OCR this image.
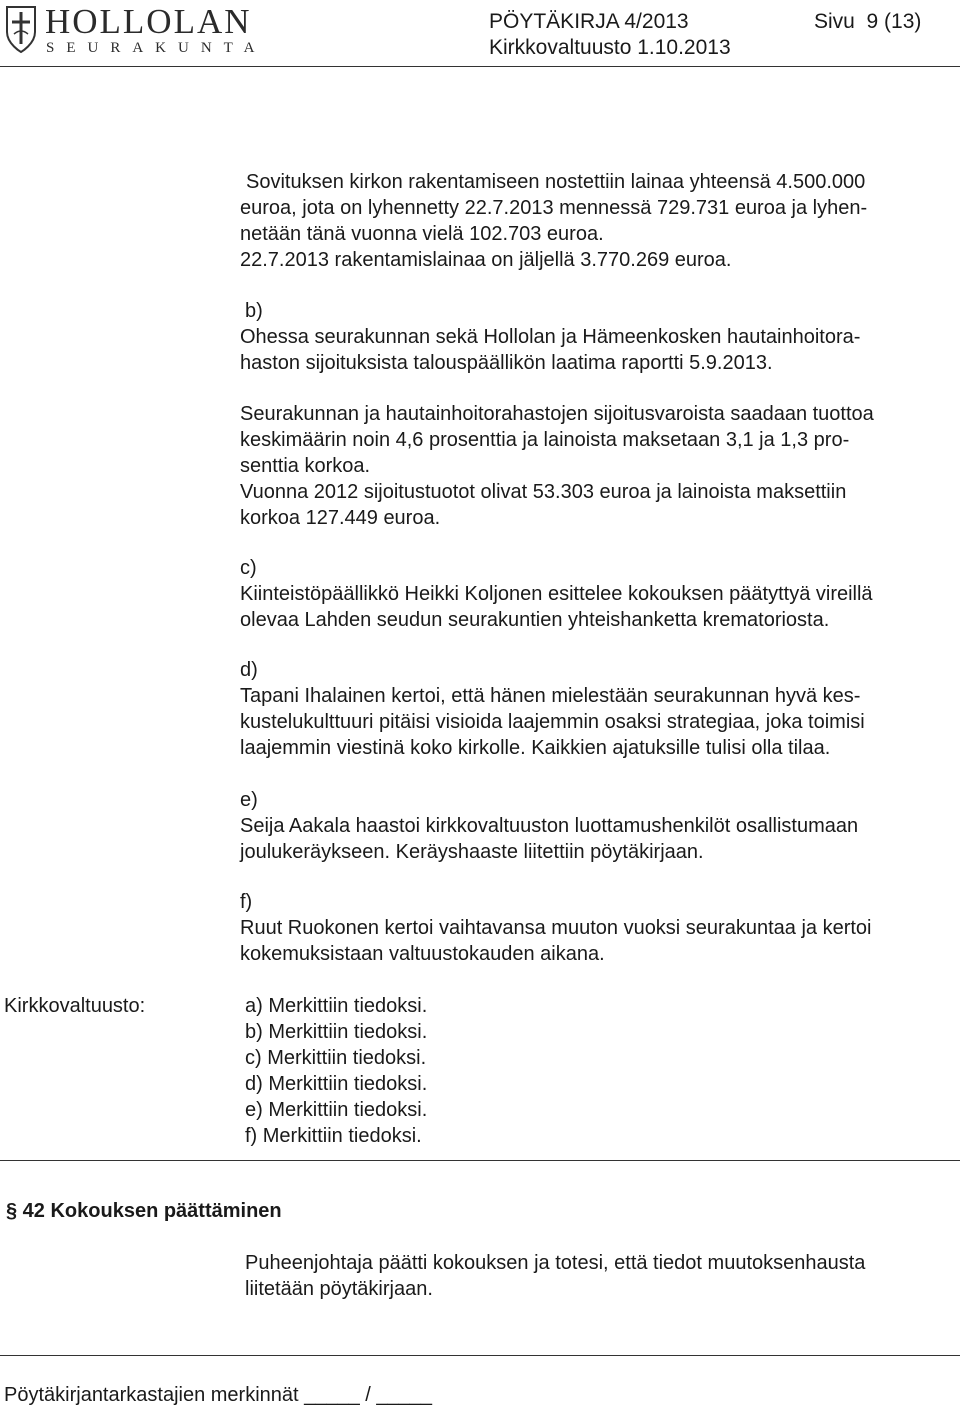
HOLLOLAN
SEURAKUNTA
PÖYTÄKIRJA 4/2013	Sivu  9 (13)
Kirkkovaltuusto 1.10.2013
Sovituksen kirkon rakentamiseen nostettiin lainaa yhteensä 4.500.000
euroa, jota on lyhennetty 22.7.2013 mennessä 729.731 euroa ja lyhen-
netään tänä vuonna vielä 102.703 euroa.
22.7.2013 rakentamislainaa on jäljellä 3.770.269 euroa.
b)
Ohessa seurakunnan sekä Hollolan ja Hämeenkosken hautainhoitora-
haston sijoituksista talouspäällikön laatima raportti 5.9.2013.
Seurakunnan ja hautainhoitorahastojen sijoitusvaroista saadaan tuottoa
keskimäärin noin 4,6 prosenttia ja lainoista maksetaan 3,1 ja 1,3 pro-
senttia korkoa.
Vuonna 2012 sijoitustuotot olivat 53.303 euroa ja lainoista maksettiin
korkoa 127.449 euroa.
c)
Kiinteistöpäällikkö Heikki Koljonen esittelee kokouksen päätyttyä vireillä
olevaa Lahden seudun seurakuntien yhteishanketta krematoriosta.
d)
Tapani Ihalainen kertoi, että hänen mielestään seurakunnan hyvä kes-
kustelukulttuuri pitäisi visioida laajemmin osaksi strategiaa, joka toimisi
laajemmin viestinä koko kirkolle. Kaikkien ajatuksille tulisi olla tilaa.
e)
Seija Aakala haastoi kirkkovaltuuston luottamushenkilöt osallistumaan
joulukeräykseen. Keräyshaaste liitettiin pöytäkirjaan.
f)
Ruut Ruokonen kertoi vaihtavansa muuton vuoksi seurakuntaa ja kertoi
kokemuksistaan valtuustokauden aikana.
Kirkkovaltuusto:	a) Merkittiin tiedoksi.
b) Merkittiin tiedoksi.
c) Merkittiin tiedoksi.
d) Merkittiin tiedoksi.
e) Merkittiin tiedoksi.
f) Merkittiin tiedoksi.
§ 42 Kokouksen päättäminen
Puheenjohtaja päätti kokouksen ja totesi, että tiedot muutoksenhausta
liitetään pöytäkirjaan.
Pöytäkirjantarkastajien merkinnät _____ / _____
